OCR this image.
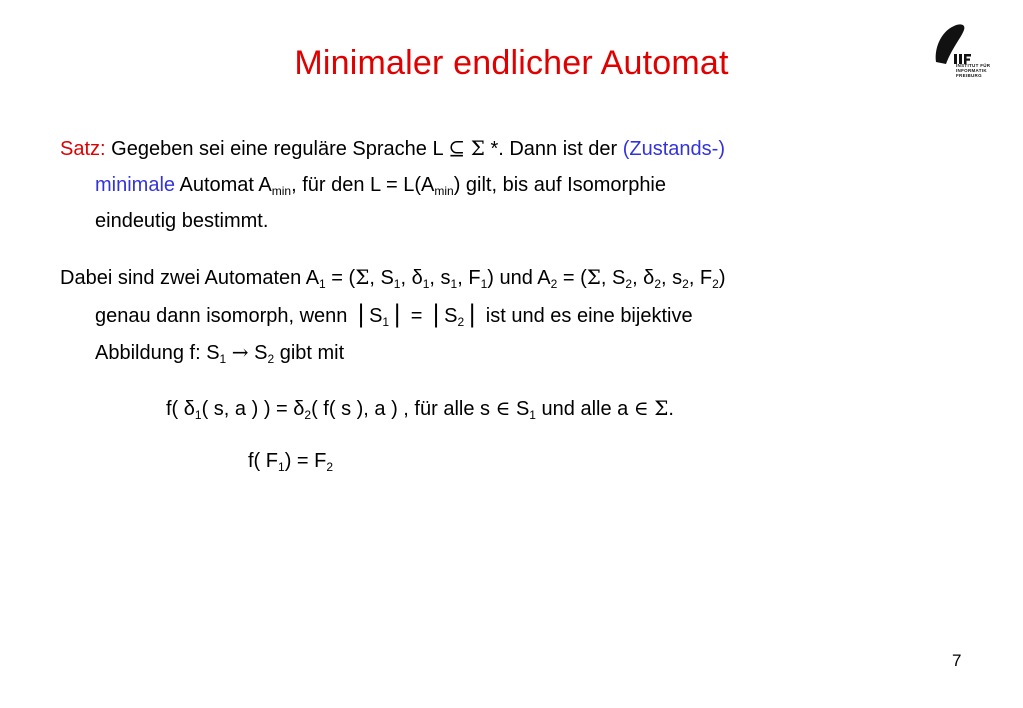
Minimaler endlicher Automat	INSTITUT FÜR
INFORMATIK
FREIBURG
Satz: Gegeben sei eine reguläre Sprache L ⊆ Σ *. Dann ist der (Zustands-)
minimale Automat $A_{min}$, für den $L = L(A_{min})$ gilt, bis auf Isomorphie
eindeutig bestimmt.
Dabei sind zwei Automaten $A_1 = (\Sigma$, $S_1$, $\delta_1$, $s_1$, $F_1$) und $A_2 = (\Sigma$, $S_2$, $\delta_2$, $s_2$, $F_2$)
genau dann isomorph, wenn | $S_1$ | = | $S_2$ | ist und es eine bijektive
Abbildung f: $S_1 \to S_2$ gibt mit
f( $\delta_1$( s, a ) ) = $\delta_2$( f( s ), a ) , für alle s ∈ $S_1$ und alle a ∈ Σ.
f( $F_1) = F_2$
7
